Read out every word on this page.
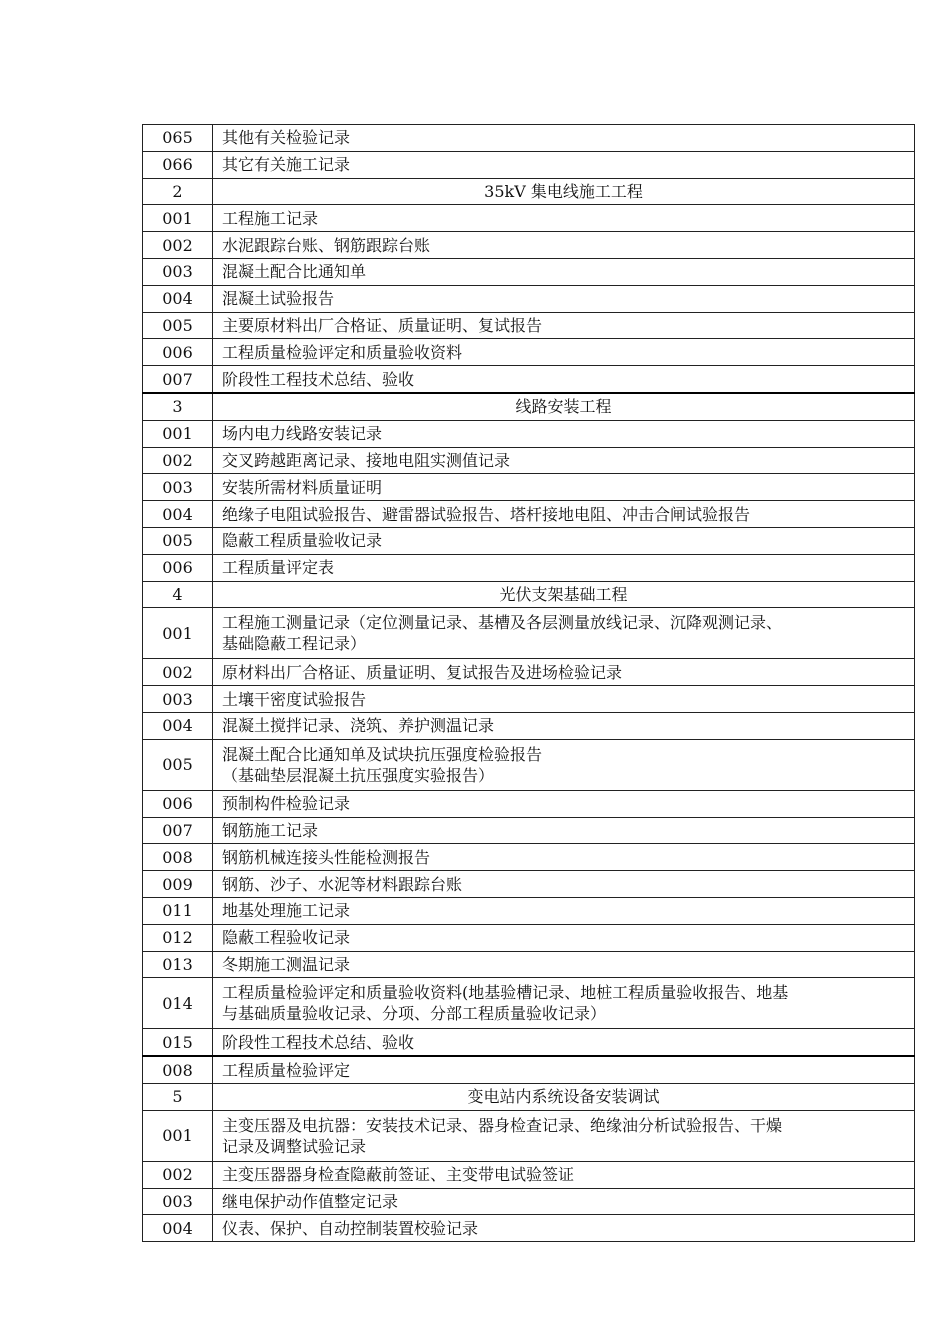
065	其他有关检验记录
066	其它有关施工记录
2	35kV 集电线施工工程
001	工程施工记录
002	水泥跟踪台账、钢筋跟踪台账
003	混凝土配合比通知单
004	混凝土试验报告
005	主要原材料出厂合格证、质量证明、复试报告
006	工程质量检验评定和质量验收资料
007	阶段性工程技术总结、验收
3	线路安装工程
001	场内电力线路安装记录
002	交叉跨越距离记录、接地电阻实测值记录
003	安装所需材料质量证明
004	绝缘子电阻试验报告、避雷器试验报告、塔杆接地电阻、冲击合闸试验报告
005	隐蔽工程质量验收记录
006	工程质量评定表
4	光伏支架基础工程
001	工程施工测量记录（定位测量记录、基槽及各层测量放线记录、沉降观测记录、
基础隐蔽工程记录）

002	原材料出厂合格证、质量证明、复试报告及进场检验记录
003	土壤干密度试验报告
004	混凝土搅拌记录、浇筑、养护测温记录
005	混凝土配合比通知单及试块抗压强度检验报告
（基础垫层混凝土抗压强度实验报告）

006	预制构件检验记录
007	钢筋施工记录
008	钢筋机械连接头性能检测报告
009	钢筋、沙子、水泥等材料跟踪台账
011	地基处理施工记录
012	隐蔽工程验收记录
013	冬期施工测温记录
014	工程质量检验评定和质量验收资料(地基验槽记录、地桩工程质量验收报告、地基
与基础质量验收记录、分项、分部工程质量验收记录）

015	阶段性工程技术总结、验收
008	工程质量检验评定
5	变电站内系统设备安装调试
001	主变压器及电抗器：安装技术记录、器身检查记录、绝缘油分析试验报告、干燥
记录及调整试验记录

002	主变压器器身检查隐蔽前签证、主变带电试验签证
003	继电保护动作值整定记录
004	仪表、保护、自动控制装置校验记录
